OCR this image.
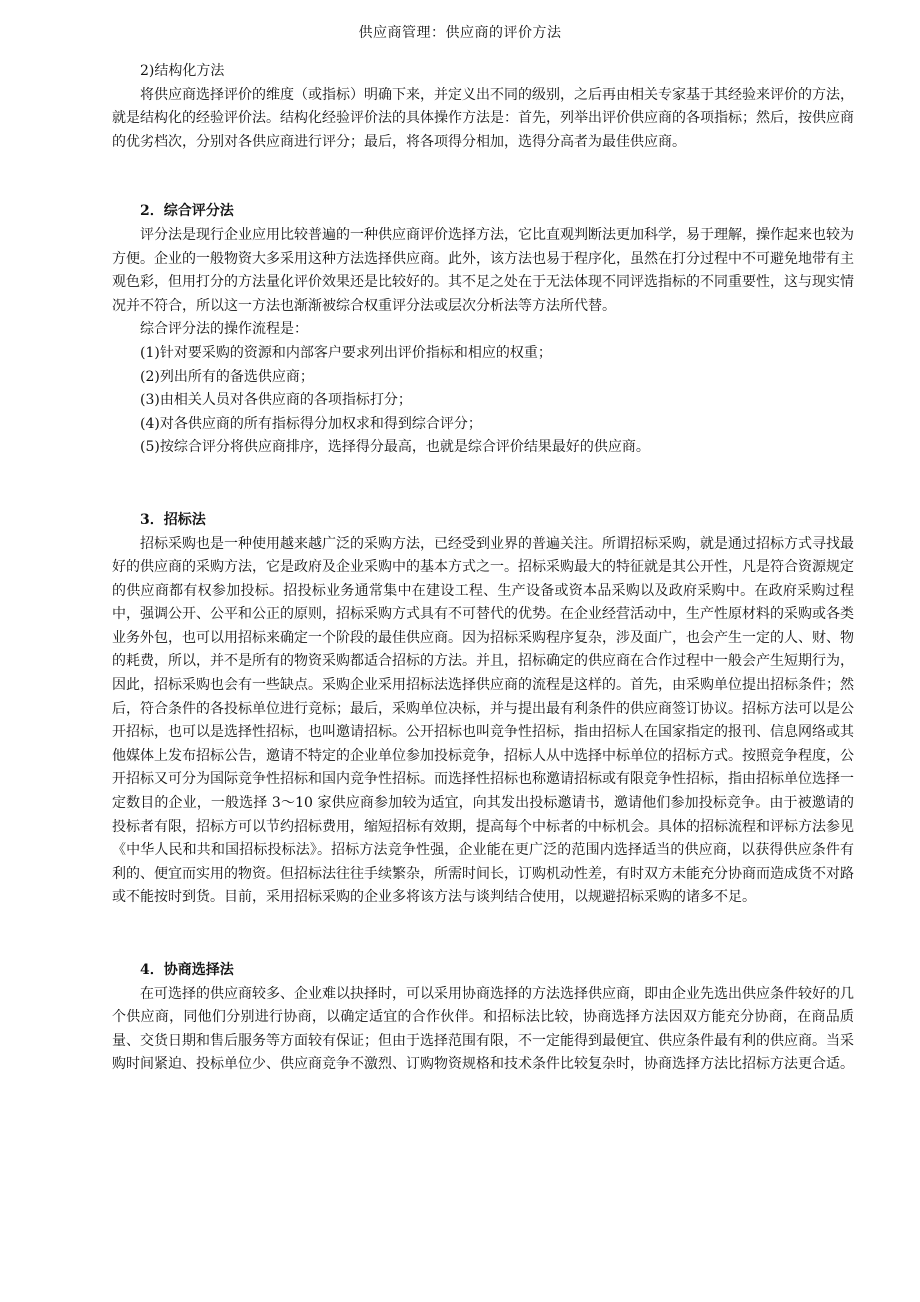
供应商管理：供应商的评价方法

2)结构化方法

将供应商选择评价的维度（或指标）明确下来，并定义出不同的级别，之后再由相关专家基于其经验来评价的方法，就是结构化的经验评价法。结构化经验评价法的具体操作方法是：首先，列举出评价供应商的各项指标；然后，按供应商的优劣档次，分别对各供应商进行评分；最后，将各项得分相加，选得分高者为最佳供应商。

2．综合评分法

评分法是现行企业应用比较普遍的一种供应商评价选择方法，它比直观判断法更加科学，易于理解，操作起来也较为方便。企业的一般物资大多采用这种方法选择供应商。此外，该方法也易于程序化，虽然在打分过程中不可避免地带有主观色彩，但用打分的方法量化评价效果还是比较好的。其不足之处在于无法体现不同评选指标的不同重要性，这与现实情况并不符合，所以这一方法也渐渐被综合权重评分法或层次分析法等方法所代替。

综合评分法的操作流程是：

(1)针对要采购的资源和内部客户要求列出评价指标和相应的权重；

(2)列出所有的备选供应商；

(3)由相关人员对各供应商的各项指标打分；

(4)对各供应商的所有指标得分加权求和得到综合评分；

(5)按综合评分将供应商排序，选择得分最高，也就是综合评价结果最好的供应商。

3．招标法

招标采购也是一种使用越来越广泛的采购方法，已经受到业界的普遍关注。所谓招标采购，就是通过招标方式寻找最好的供应商的采购方法，它是政府及企业采购中的基本方式之一。招标采购最大的特征就是其公开性，凡是符合资源规定的供应商都有权参加投标。招投标业务通常集中在建设工程、生产设备或资本品采购以及政府采购中。在政府采购过程中，强调公开、公平和公正的原则，招标采购方式具有不可替代的优势。在企业经营活动中，生产性原材料的采购或各类业务外包，也可以用招标来确定一个阶段的最佳供应商。因为招标采购程序复杂，涉及面广，也会产生一定的人、财、物的耗费，所以，并不是所有的物资采购都适合招标的方法。并且，招标确定的供应商在合作过程中一般会产生短期行为，因此，招标采购也会有一些缺点。采购企业采用招标法选择供应商的流程是这样的。首先，由采购单位提出招标条件；然后，符合条件的各投标单位进行竞标；最后，采购单位决标，并与提出最有利条件的供应商签订协议。招标方法可以是公开招标，也可以是选择性招标，也叫邀请招标。公开招标也叫竞争性招标，指由招标人在国家指定的报刊、信息网络或其他媒体上发布招标公告，邀请不特定的企业单位参加投标竞争，招标人从中选择中标单位的招标方式。按照竞争程度，公开招标又可分为国际竞争性招标和国内竞争性招标。而选择性招标也称邀请招标或有限竞争性招标，指由招标单位选择一定数目的企业，一般选择 3～10 家供应商参加较为适宜，向其发出投标邀请书，邀请他们参加投标竞争。由于被邀请的投标者有限，招标方可以节约招标费用，缩短招标有效期，提高每个中标者的中标机会。具体的招标流程和评标方法参见《中华人民和共和国招标投标法》。招标方法竞争性强，企业能在更广泛的范围内选择适当的供应商，以获得供应条件有利的、便宜而实用的物资。但招标法往往手续繁杂，所需时间长，订购机动性差，有时双方未能充分协商而造成货不对路或不能按时到货。目前，采用招标采购的企业多将该方法与谈判结合使用，以规避招标采购的诸多不足。

4．协商选择法

在可选择的供应商较多、企业难以抉择时，可以采用协商选择的方法选择供应商，即由企业先选出供应条件较好的几个供应商，同他们分别进行协商，以确定适宜的合作伙伴。和招标法比较，协商选择方法因双方能充分协商，在商品质量、交货日期和售后服务等方面较有保证；但由于选择范围有限，不一定能得到最便宜、供应条件最有利的供应商。当采购时间紧迫、投标单位少、供应商竞争不激烈、订购物资规格和技术条件比较复杂时，协商选择方法比招标方法更合适。
